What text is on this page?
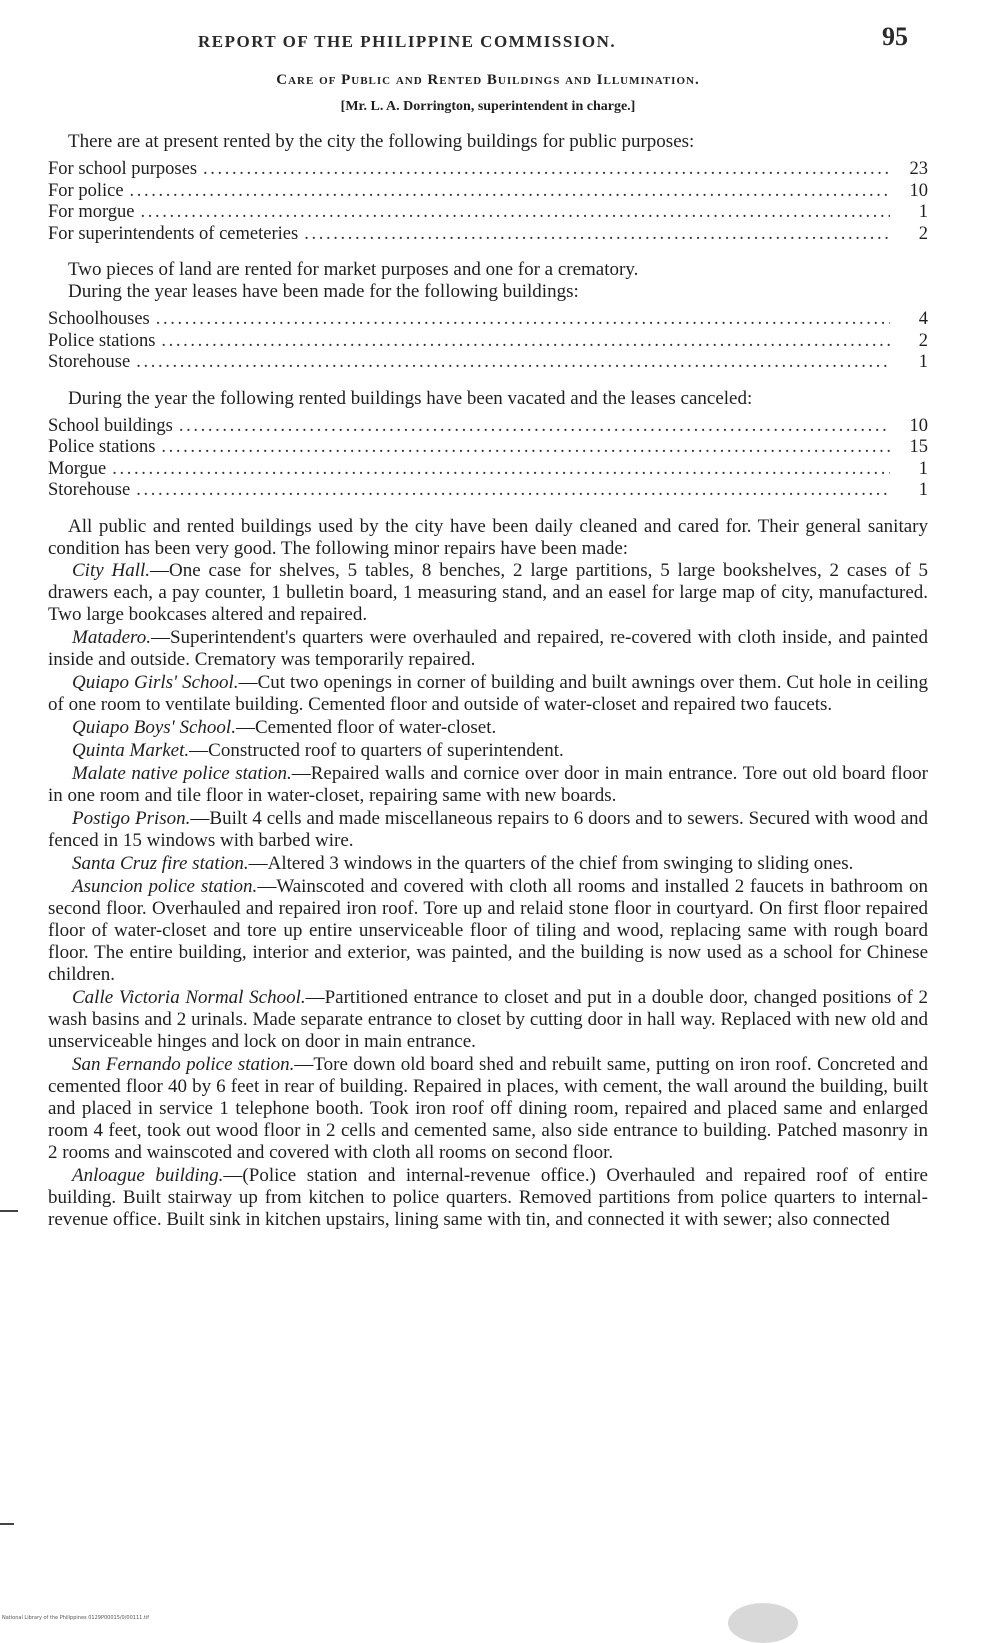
REPORT OF THE PHILIPPINE COMMISSION.	95
Care of Public and Rented Buildings and Illumination.
[Mr. L. A. Dorrington, superintendent in charge.]

There are at present rented by the city the following buildings for public purposes:

For school purposes . . .	23
For police . . .	10
For morgue . . .	1
For superintendents of cemeteries . . .	2

Two pieces of land are rented for market purposes and one for a crematory.

During the year leases have been made for the following buildings:

Schoolhouses . . .	4
Police stations . . .	2
Storehouse . . .	1

During the year the following rented buildings have been vacated and the leases canceled:

School buildings . . .	10
Police stations . . .	15
Morgue . . .	1
Storehouse . . .	1

All public and rented buildings used by the city have been daily cleaned and cared for. Their general sanitary condition has been very good. The following minor repairs have been made:

City Hall.—One case for shelves, 5 tables, 8 benches, 2 large partitions, 5 large bookshelves, 2 cases of 5 drawers each, a pay counter, 1 bulletin board, 1 measuring stand, and an easel for large map of city, manufactured. Two large bookcases altered and repaired.

Matadero.—Superintendent's quarters were overhauled and repaired, re-covered with cloth inside, and painted inside and outside. Crematory was temporarily repaired.

Quiapo Girls' School.—Cut two openings in corner of building and built awnings over them. Cut hole in ceiling of one room to ventilate building. Cemented floor and outside of water-closet and repaired two faucets.

Quiapo Boys' School.—Cemented floor of water-closet.

Quinta Market.—Constructed roof to quarters of superintendent.

Malate native police station.—Repaired walls and cornice over door in main entrance. Tore out old board floor in one room and tile floor in water-closet, repairing same with new boards.

Postigo Prison.—Built 4 cells and made miscellaneous repairs to 6 doors and to sewers. Secured with wood and fenced in 15 windows with barbed wire.

Santa Cruz fire station.—Altered 3 windows in the quarters of the chief from swinging to sliding ones.

Asuncion police station.—Wainscoted and covered with cloth all rooms and installed 2 faucets in bathroom on second floor. Overhauled and repaired iron roof. Tore up and relaid stone floor in courtyard. On first floor repaired floor of water-closet and tore up entire unserviceable floor of tiling and wood, replacing same with rough board floor. The entire building, interior and exterior, was painted, and the building is now used as a school for Chinese children.

Calle Victoria Normal School.—Partitioned entrance to closet and put in a double door, changed positions of 2 wash basins and 2 urinals. Made separate entrance to closet by cutting door in hall way. Replaced with new old and unserviceable hinges and lock on door in main entrance.

San Fernando police station.—Tore down old board shed and rebuilt same, putting on iron roof. Concreted and cemented floor 40 by 6 feet in rear of building. Repaired in places, with cement, the wall around the building, built and placed in service 1 telephone booth. Took iron roof off dining room, repaired and placed same and enlarged room 4 feet, took out wood floor in 2 cells and cemented same, also side entrance to building. Patched masonry in 2 rooms and wainscoted and covered with cloth all rooms on second floor.

Anloague building.—(Police station and internal-revenue office.) Overhauled and repaired roof of entire building. Built stairway up from kitchen to police quarters. Removed partitions from police quarters to internal-revenue office. Built sink in kitchen upstairs, lining same with tin, and connected it with sewer; also connected

National Library of the Philippines 0129P00015/0/00111.tif
